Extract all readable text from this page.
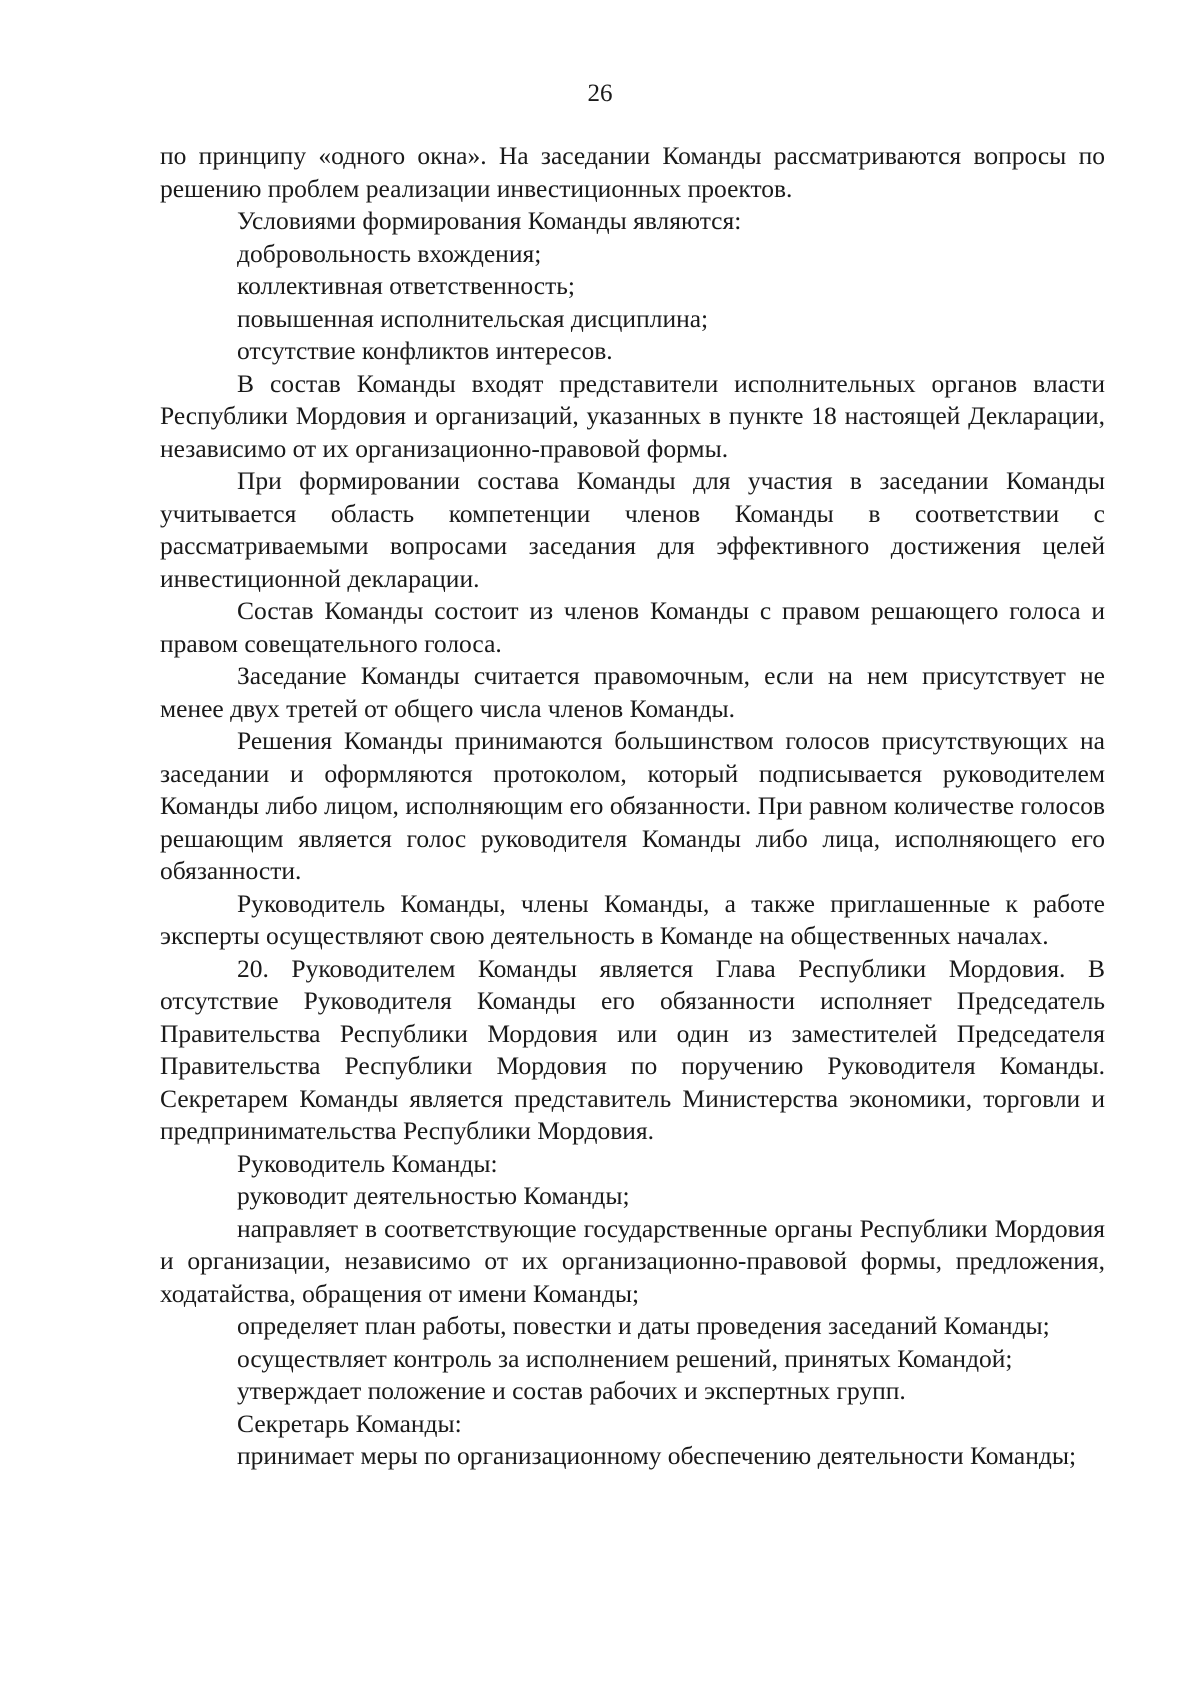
26

по принципу «одного окна». На заседании Команды рассматриваются вопросы по решению проблем реализации инвестиционных проектов.

Условиями формирования Команды являются:

добровольность вхождения;

коллективная ответственность;

повышенная исполнительская дисциплина;

отсутствие конфликтов интересов.

В состав Команды входят представители исполнительных органов власти Республики Мордовия и организаций, указанных в пункте 18 настоящей Декларации, независимо от их организационно-правовой формы.

При формировании состава Команды для участия в заседании Команды учитывается область компетенции членов Команды в соответствии с рассматриваемыми вопросами заседания для эффективного достижения целей инвестиционной декларации.

Состав Команды состоит из членов Команды с правом решающего голоса и правом совещательного голоса.

Заседание Команды считается правомочным, если на нем присутствует не менее двух третей от общего числа членов Команды.

Решения Команды принимаются большинством голосов присутствующих на заседании и оформляются протоколом, который подписывается руководителем Команды либо лицом, исполняющим его обязанности. При равном количестве голосов решающим является голос руководителя Команды либо лица, исполняющего его обязанности.

Руководитель Команды, члены Команды, а также приглашенные к работе эксперты осуществляют свою деятельность в Команде на общественных началах.

20. Руководителем Команды является Глава Республики Мордовия. В отсутствие Руководителя Команды его обязанности исполняет Председатель Правительства Республики Мордовия или один из заместителей Председателя Правительства Республики Мордовия по поручению Руководителя Команды. Секретарем Команды является представитель Министерства экономики, торговли и предпринимательства Республики Мордовия.

Руководитель Команды:

руководит деятельностью Команды;

направляет в соответствующие государственные органы Республики Мордовия и организации, независимо от их организационно-правовой формы, предложения, ходатайства, обращения от имени Команды;

определяет план работы, повестки и даты проведения заседаний Команды;

осуществляет контроль за исполнением решений, принятых Командой;

утверждает положение и состав рабочих и экспертных групп.

Секретарь Команды:

принимает меры по организационному обеспечению деятельности Команды;
